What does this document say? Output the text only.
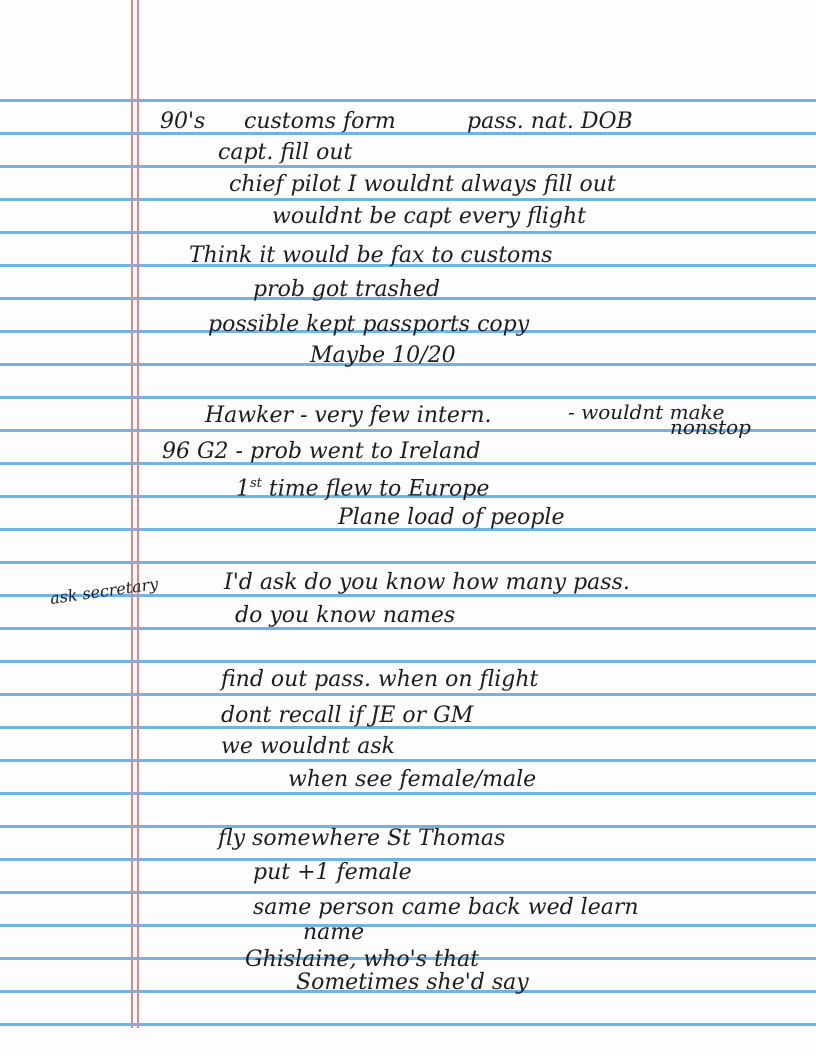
90's customs form	pass. nat. DOB
capt. fill out
chief pilot I wouldnt always fill out
wouldnt be capt every flight
Think it would be fax to customs
prob got trashed
possible kept passports copy
Maybe 10/20
Hawker - very few intern.	- wouldnt make
nonstop
96 G2 - prob went to Ireland
1st time flew to Europe
Plane load of people
ask secretary	I'd ask do you know how many pass.
do you know names
find out pass. when on flight
dont recall if JE or GM
we wouldnt ask
when see female/male
fly somewhere St Thomas
put +1 female
same person came back wed learn
name
Ghislaine, who's that
Sometimes she'd say
